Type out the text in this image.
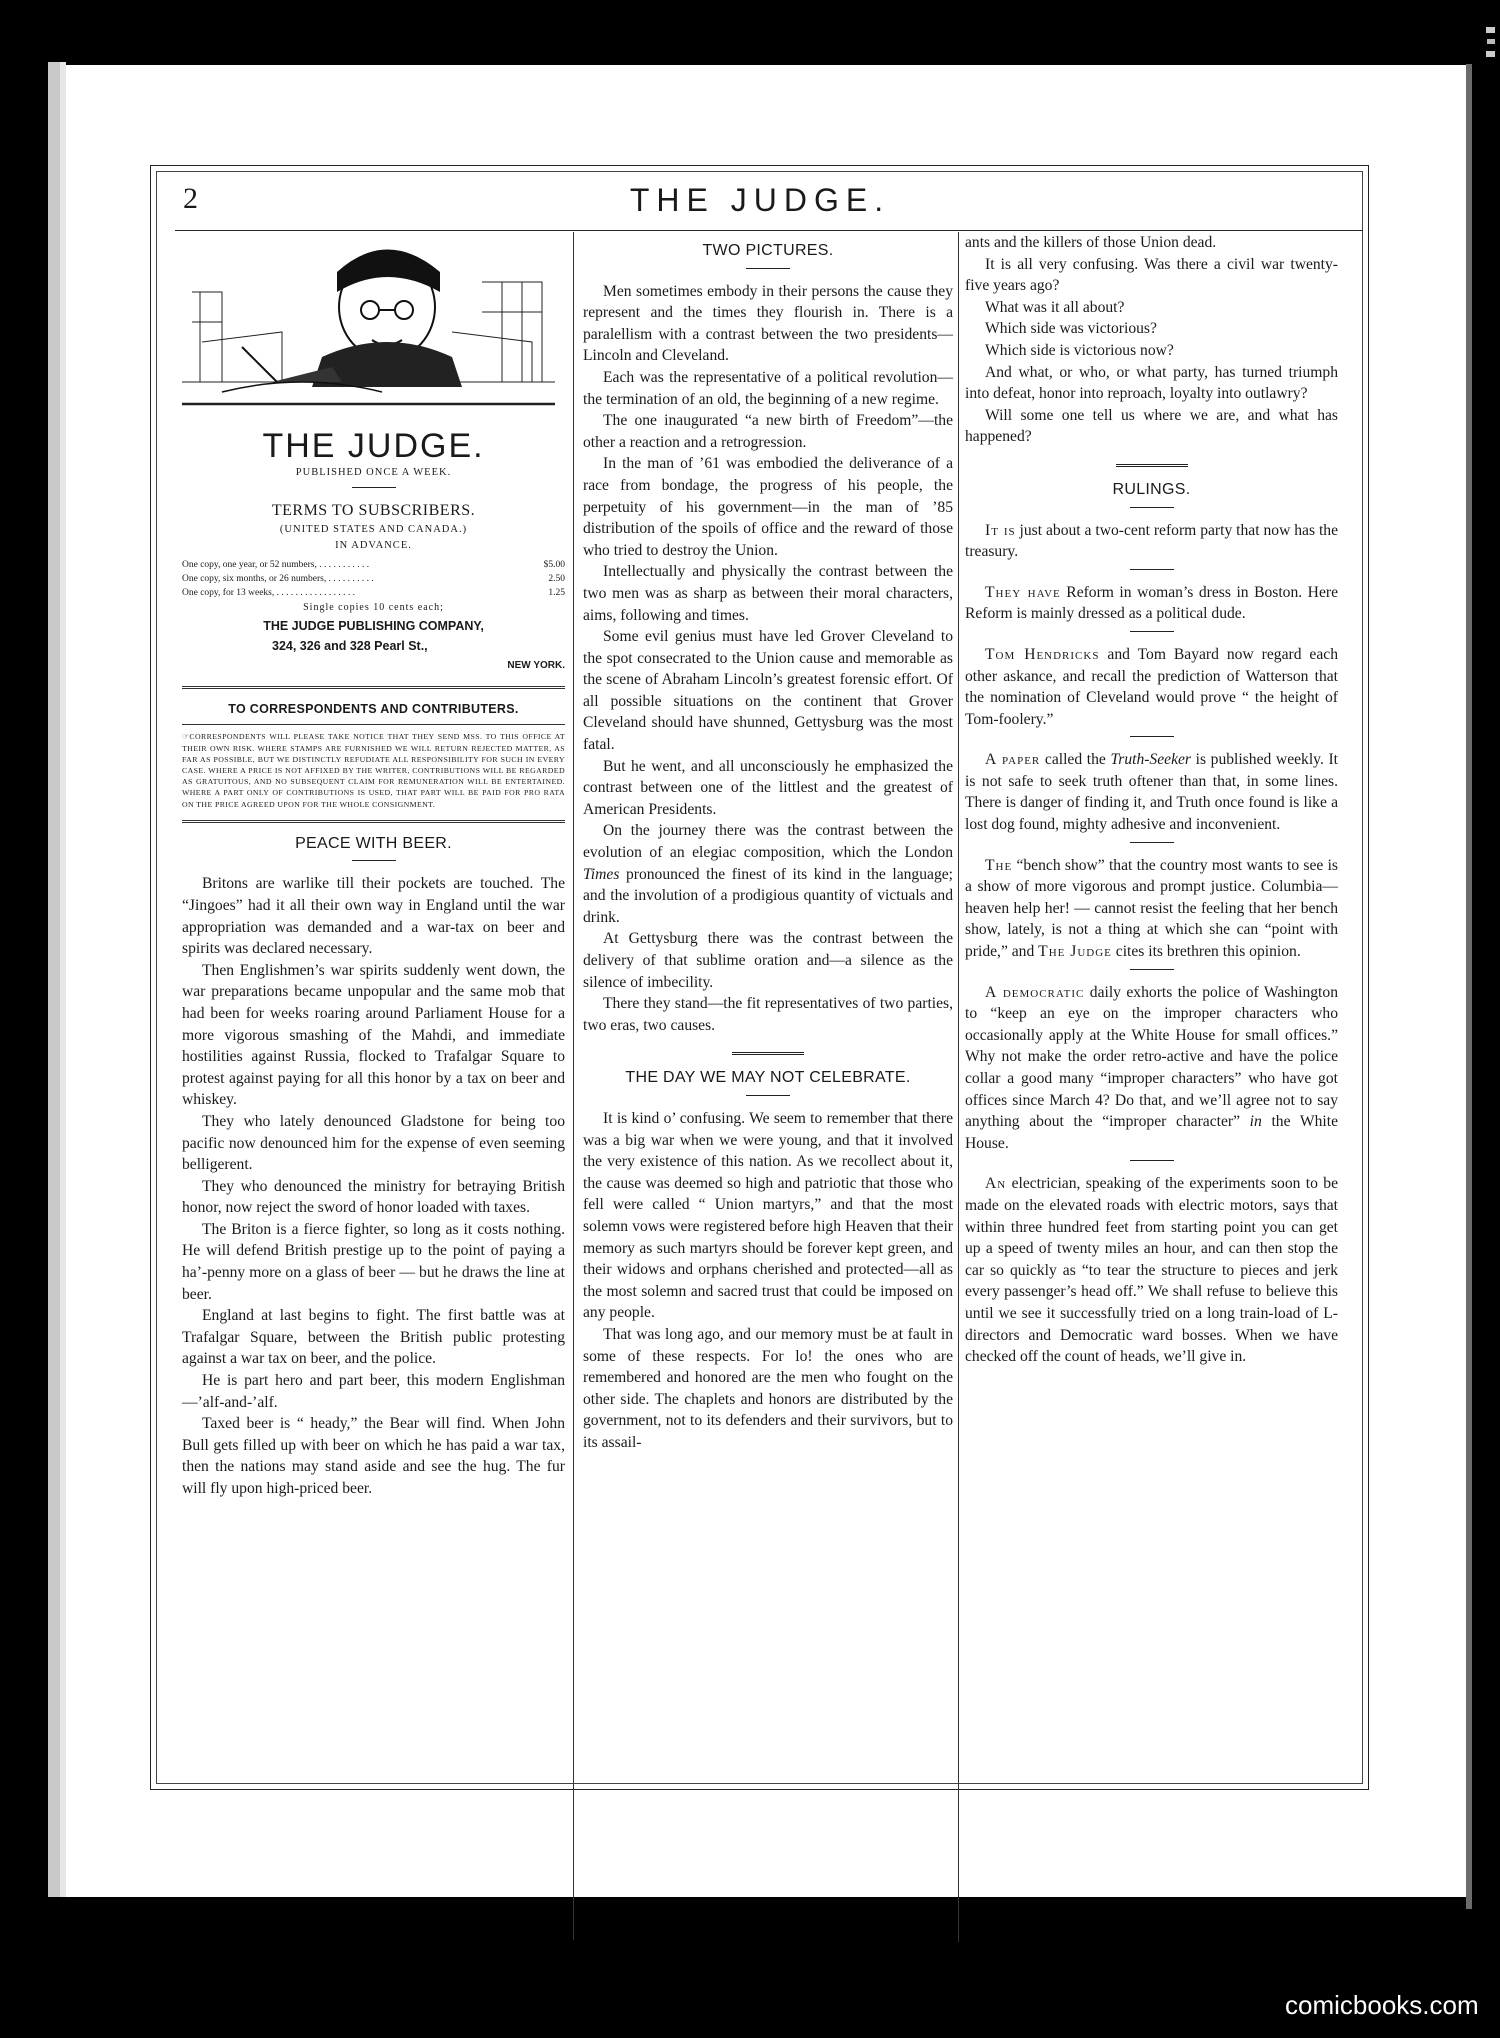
2	THE JUDGE.
THE JUDGE.
PUBLISHED ONCE A WEEK.
TERMS TO SUBSCRIBERS.
(UNITED STATES AND CANADA.)
IN ADVANCE.
One copy, one year, or 52 numbers, . . . . . . . . . . .	$5.00
One copy, six months, or 26 numbers, . . . . . . . . . .	2.50
One copy, for 13 weeks, . . . . . . . . . . . . . . . . .	1.25
Single copies 10 cents each;
THE JUDGE PUBLISHING COMPANY,
324, 326 and 328 Pearl St.,
NEW YORK.
TO CORRESPONDENTS AND CONTRIBUTERS.
☞CORRESPONDENTS WILL PLEASE TAKE NOTICE THAT THEY SEND MSS. TO THIS OFFICE AT THEIR OWN RISK. WHERE STAMPS ARE FURNISHED WE WILL RETURN REJECTED MATTER, AS FAR AS POSSIBLE, BUT WE DISTINCTLY REFUDIATE ALL RESPONSIBILITY FOR SUCH IN EVERY CASE. WHERE A PRICE IS NOT AFFIXED BY THE WRITER, CONTRIBUTIONS WILL BE REGARDED AS GRATUITOUS, AND NO SUBSEQUENT CLAIM FOR REMUNERATION WILL BE ENTERTAINED. WHERE A PART ONLY OF CONTRIBUTIONS IS USED, THAT PART WILL BE PAID FOR PRO RATA ON THE PRICE AGREED UPON FOR THE WHOLE CONSIGNMENT.
PEACE WITH BEER.

Britons are warlike till their pockets are touched. The “Jingoes” had it all their own way in England until the war appropriation was demanded and a war-tax on beer and spirits was declared necessary.

Then Englishmen’s war spirits suddenly went down, the war preparations became unpopular and the same mob that had been for weeks roaring around Parliament House for a more vigorous smashing of the Mahdi, and immediate hostilities against Russia, flocked to Trafalgar Square to protest against paying for all this honor by a tax on beer and whiskey.

They who lately denounced Gladstone for being too pacific now denounced him for the expense of even seeming belligerent.

They who denounced the ministry for betraying British honor, now reject the sword of honor loaded with taxes.

The Briton is a fierce fighter, so long as it costs nothing. He will defend British prestige up to the point of paying a ha’-penny more on a glass of beer — but he draws the line at beer.

England at last begins to fight. The first battle was at Trafalgar Square, between the British public protesting against a war tax on beer, and the police.

He is part hero and part beer, this modern Englishman—’alf-and-’alf.

Taxed beer is “ heady,” the Bear will find. When John Bull gets filled up with beer on which he has paid a war tax, then the nations may stand aside and see the hug. The fur will fly upon high-priced beer.

TWO PICTURES.

Men sometimes embody in their persons the cause they represent and the times they flourish in. There is a paralellism with a contrast between the two presidents—Lincoln and Cleveland.

Each was the representative of a political revolution—the termination of an old, the beginning of a new regime.

The one inaugurated “a new birth of Freedom”—the other a reaction and a retrogression.

In the man of ’61 was embodied the deliverance of a race from bondage, the progress of his people, the perpetuity of his government—in the man of ’85 distribution of the spoils of office and the reward of those who tried to destroy the Union.

Intellectually and physically the contrast between the two men was as sharp as between their moral characters, aims, following and times.

Some evil genius must have led Grover Cleveland to the spot consecrated to the Union cause and memorable as the scene of Abraham Lincoln’s greatest forensic effort. Of all possible situations on the continent that Grover Cleveland should have shunned, Gettysburg was the most fatal.

But he went, and all unconsciously he emphasized the contrast between one of the littlest and the greatest of American Presidents.

On the journey there was the contrast between the evolution of an elegiac composition, which the London Times pronounced the finest of its kind in the language; and the involution of a prodigious quantity of victuals and drink.

At Gettysburg there was the contrast between the delivery of that sublime oration and—a silence as the silence of imbecility.

There they stand—the fit representatives of two parties, two eras, two causes.

THE DAY WE MAY NOT CELEBRATE.

It is kind o’ confusing. We seem to remember that there was a big war when we were young, and that it involved the very existence of this nation. As we recollect about it, the cause was deemed so high and patriotic that those who fell were called “ Union martyrs,” and that the most solemn vows were registered before high Heaven that their memory as such martyrs should be forever kept green, and their widows and orphans cherished and protected—all as the most solemn and sacred trust that could be imposed on any people.

That was long ago, and our memory must be at fault in some of these respects. For lo! the ones who are remembered and honored are the men who fought on the other side. The chaplets and honors are distributed by the government, not to its defenders and their survivors, but to its assail-

ants and the killers of those Union dead.

It is all very confusing. Was there a civil war twenty-five years ago?

What was it all about?

Which side was victorious?

Which side is victorious now?

And what, or who, or what party, has turned triumph into defeat, honor into reproach, loyalty into outlawry?

Will some one tell us where we are, and what has happened?

RULINGS.

It is just about a two-cent reform party that now has the treasury.

They have Reform in woman’s dress in Boston. Here Reform is mainly dressed as a political dude.

Tom Hendricks and Tom Bayard now regard each other askance, and recall the prediction of Watterson that the nomination of Cleveland would prove “ the height of Tom-foolery.”

A paper called the Truth-Seeker is published weekly. It is not safe to seek truth oftener than that, in some lines. There is danger of finding it, and Truth once found is like a lost dog found, mighty adhesive and inconvenient.

The “bench show” that the country most wants to see is a show of more vigorous and prompt justice. Columbia—heaven help her! — cannot resist the feeling that her bench show, lately, is not a thing at which she can “point with pride,” and The Judge cites its brethren this opinion.

A democratic daily exhorts the police of Washington to “keep an eye on the improper characters who occasionally apply at the White House for small offices.” Why not make the order retro-active and have the police collar a good many “improper characters” who have got offices since March 4? Do that, and we’ll agree not to say anything about the “improper character” in the White House.

An electrician, speaking of the experiments soon to be made on the elevated roads with electric motors, says that within three hundred feet from starting point you can get up a speed of twenty miles an hour, and can then stop the car so quickly as “to tear the structure to pieces and jerk every passenger’s head off.” We shall refuse to believe this until we see it successfully tried on a long train-load of L-directors and Democratic ward bosses. When we have checked off the count of heads, we’ll give in.

comicbooks.com
